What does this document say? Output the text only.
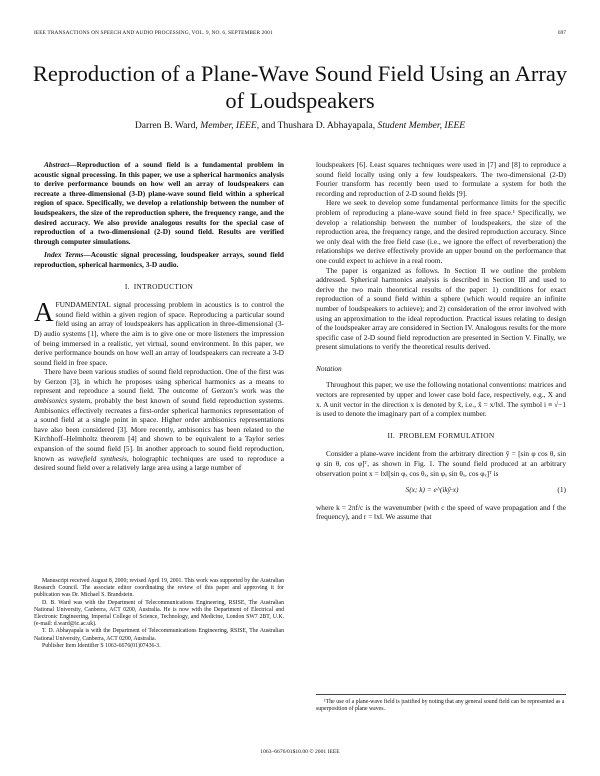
IEEE TRANSACTIONS ON SPEECH AND AUDIO PROCESSING, VOL. 9, NO. 6, SEPTEMBER 2001	697
Reproduction of a Plane-Wave Sound Field Using an Array of Loudspeakers
Darren B. Ward, Member, IEEE, and Thushara D. Abhayapala, Student Member, IEEE

Abstract—Reproduction of a sound field is a fundamental problem in acoustic signal processing. In this paper, we use a spherical harmonics analysis to derive performance bounds on how well an array of loudspeakers can recreate a three-dimensional (3-D) plane-wave sound field within a spherical region of space. Specifically, we develop a relationship between the number of loudspeakers, the size of the reproduction sphere, the frequency range, and the desired accuracy. We also provide analogous results for the special case of reproduction of a two-dimensional (2-D) sound field. Results are verified through computer simulations.

Index Terms—Acoustic signal processing, loudspeaker arrays, sound field reproduction, spherical harmonics, 3-D audio.

I. INTRODUCTION

AFUNDAMENTAL signal processing problem in acoustics is to control the sound field within a given region of space. Reproducing a particular sound field using an array of loudspeakers has application in three-dimensional (3-D) audio systems [1], where the aim is to give one or more listeners the impression of being immersed in a realistic, yet virtual, sound environment. In this paper, we derive performance bounds on how well an array of loudspeakers can recreate a 3-D sound field in free space.

There have been various studies of sound field reproduction. One of the first was by Gerzon [3], in which he proposes using spherical harmonics as a means to represent and reproduce a sound field. The outcome of Gerzon’s work was the ambisonics system, probably the best known of sound field reproduction systems. Ambisonics effectively recreates a first-order spherical harmonics representation of a sound field at a single point in space. Higher order ambisonics representations have also been considered [3]. More recently, ambisonics has been related to the Kirchhoff–Helmholtz theorem [4] and shown to be equivalent to a Taylor series expansion of the sound field [5]. In another approach to sound field reproduction, known as wavefield synthesis, holographic techniques are used to reproduce a desired sound field over a relatively large area using a large number of

Manuscript received August 8, 2000; revised April 19, 2001. This work was supported by the Australian Research Council. The associate editor coordinating the review of this paper and approving it for publication was Dr. Michael S. Brandstein.

D. B. Ward was with the Department of Telecommunications Engineering, RSISE, The Australian National University, Canberra, ACT 0200, Australia. He is now with the Department of Electrical and Electronic Engineering, Imperial College of Science, Technology, and Medicine, London SW7 2BT, U.K. (e-mail: d.ward@ic.ac.uk).

T. D. Abhayapala is with the Department of Telecommunications Engineering, RSISE, The Australian National University, Canberra, ACT 0200, Australia.

Publisher Item Identifier S 1063-6676(01)07436-3.

loudspeakers [6]. Least squares techniques were used in [7] and [8] to reproduce a sound field locally using only a few loudspeakers. The two-dimensional (2-D) Fourier transform has recently been used to formulate a system for both the recording and reproduction of 2-D sound fields [9].

Here we seek to develop some fundamental performance limits for the specific problem of reproducing a plane-wave sound field in free space.¹ Specifically, we develop a relationship between the number of loudspeakers, the size of the reproduction area, the frequency range, and the desired reproduction accuracy. Since we only deal with the free field case (i.e., we ignore the effect of reverberation) the relationships we derive effectively provide an upper bound on the performance that one could expect to achieve in a real room.

The paper is organized as follows. In Section II we outline the problem addressed. Spherical harmonics analysis is described in Section III and used to derive the two main theoretical results of the paper: 1) conditions for exact reproduction of a sound field within a sphere (which would require an infinite number of loudspeakers to achieve); and 2) consideration of the error involved with using an approximation to the ideal reproduction. Practical issues relating to design of the loudspeaker array are considered in Section IV. Analogous results for the more specific case of 2-D sound field reproduction are presented in Section V. Finally, we present simulations to verify the theoretical results derived.

Notation

Throughout this paper, we use the following notational conventions: matrices and vectors are represented by upper and lower case bold face, respectively, e.g., X and x. A unit vector in the direction x is denoted by x̂, i.e., x̂ = x/‖x‖. The symbol i ≡ √−1 is used to denote the imaginary part of a complex number.

II. PROBLEM FORMULATION

Consider a plane-wave incident from the arbitrary direction ŷ = [sin φ cos θ, sin φ sin θ, cos φ]ᵀ, as shown in Fig. 1. The sound field produced at an arbitrary observation point x = ‖x‖[sin φₓ cos θₓ, sin φₓ sin θₓ, cos φₓ]ᵀ is

S(x; k) = e^(ikŷ·x)	(1)

where k = 2πf/c is the wavenumber (with c the speed of wave propagation and f the frequency), and r = ‖x‖. We assume that

¹The use of a plane-wave field is justified by noting that any general sound field can be represented as a superposition of plane waves.

1063–6676/01$10.00 © 2001 IEEE
